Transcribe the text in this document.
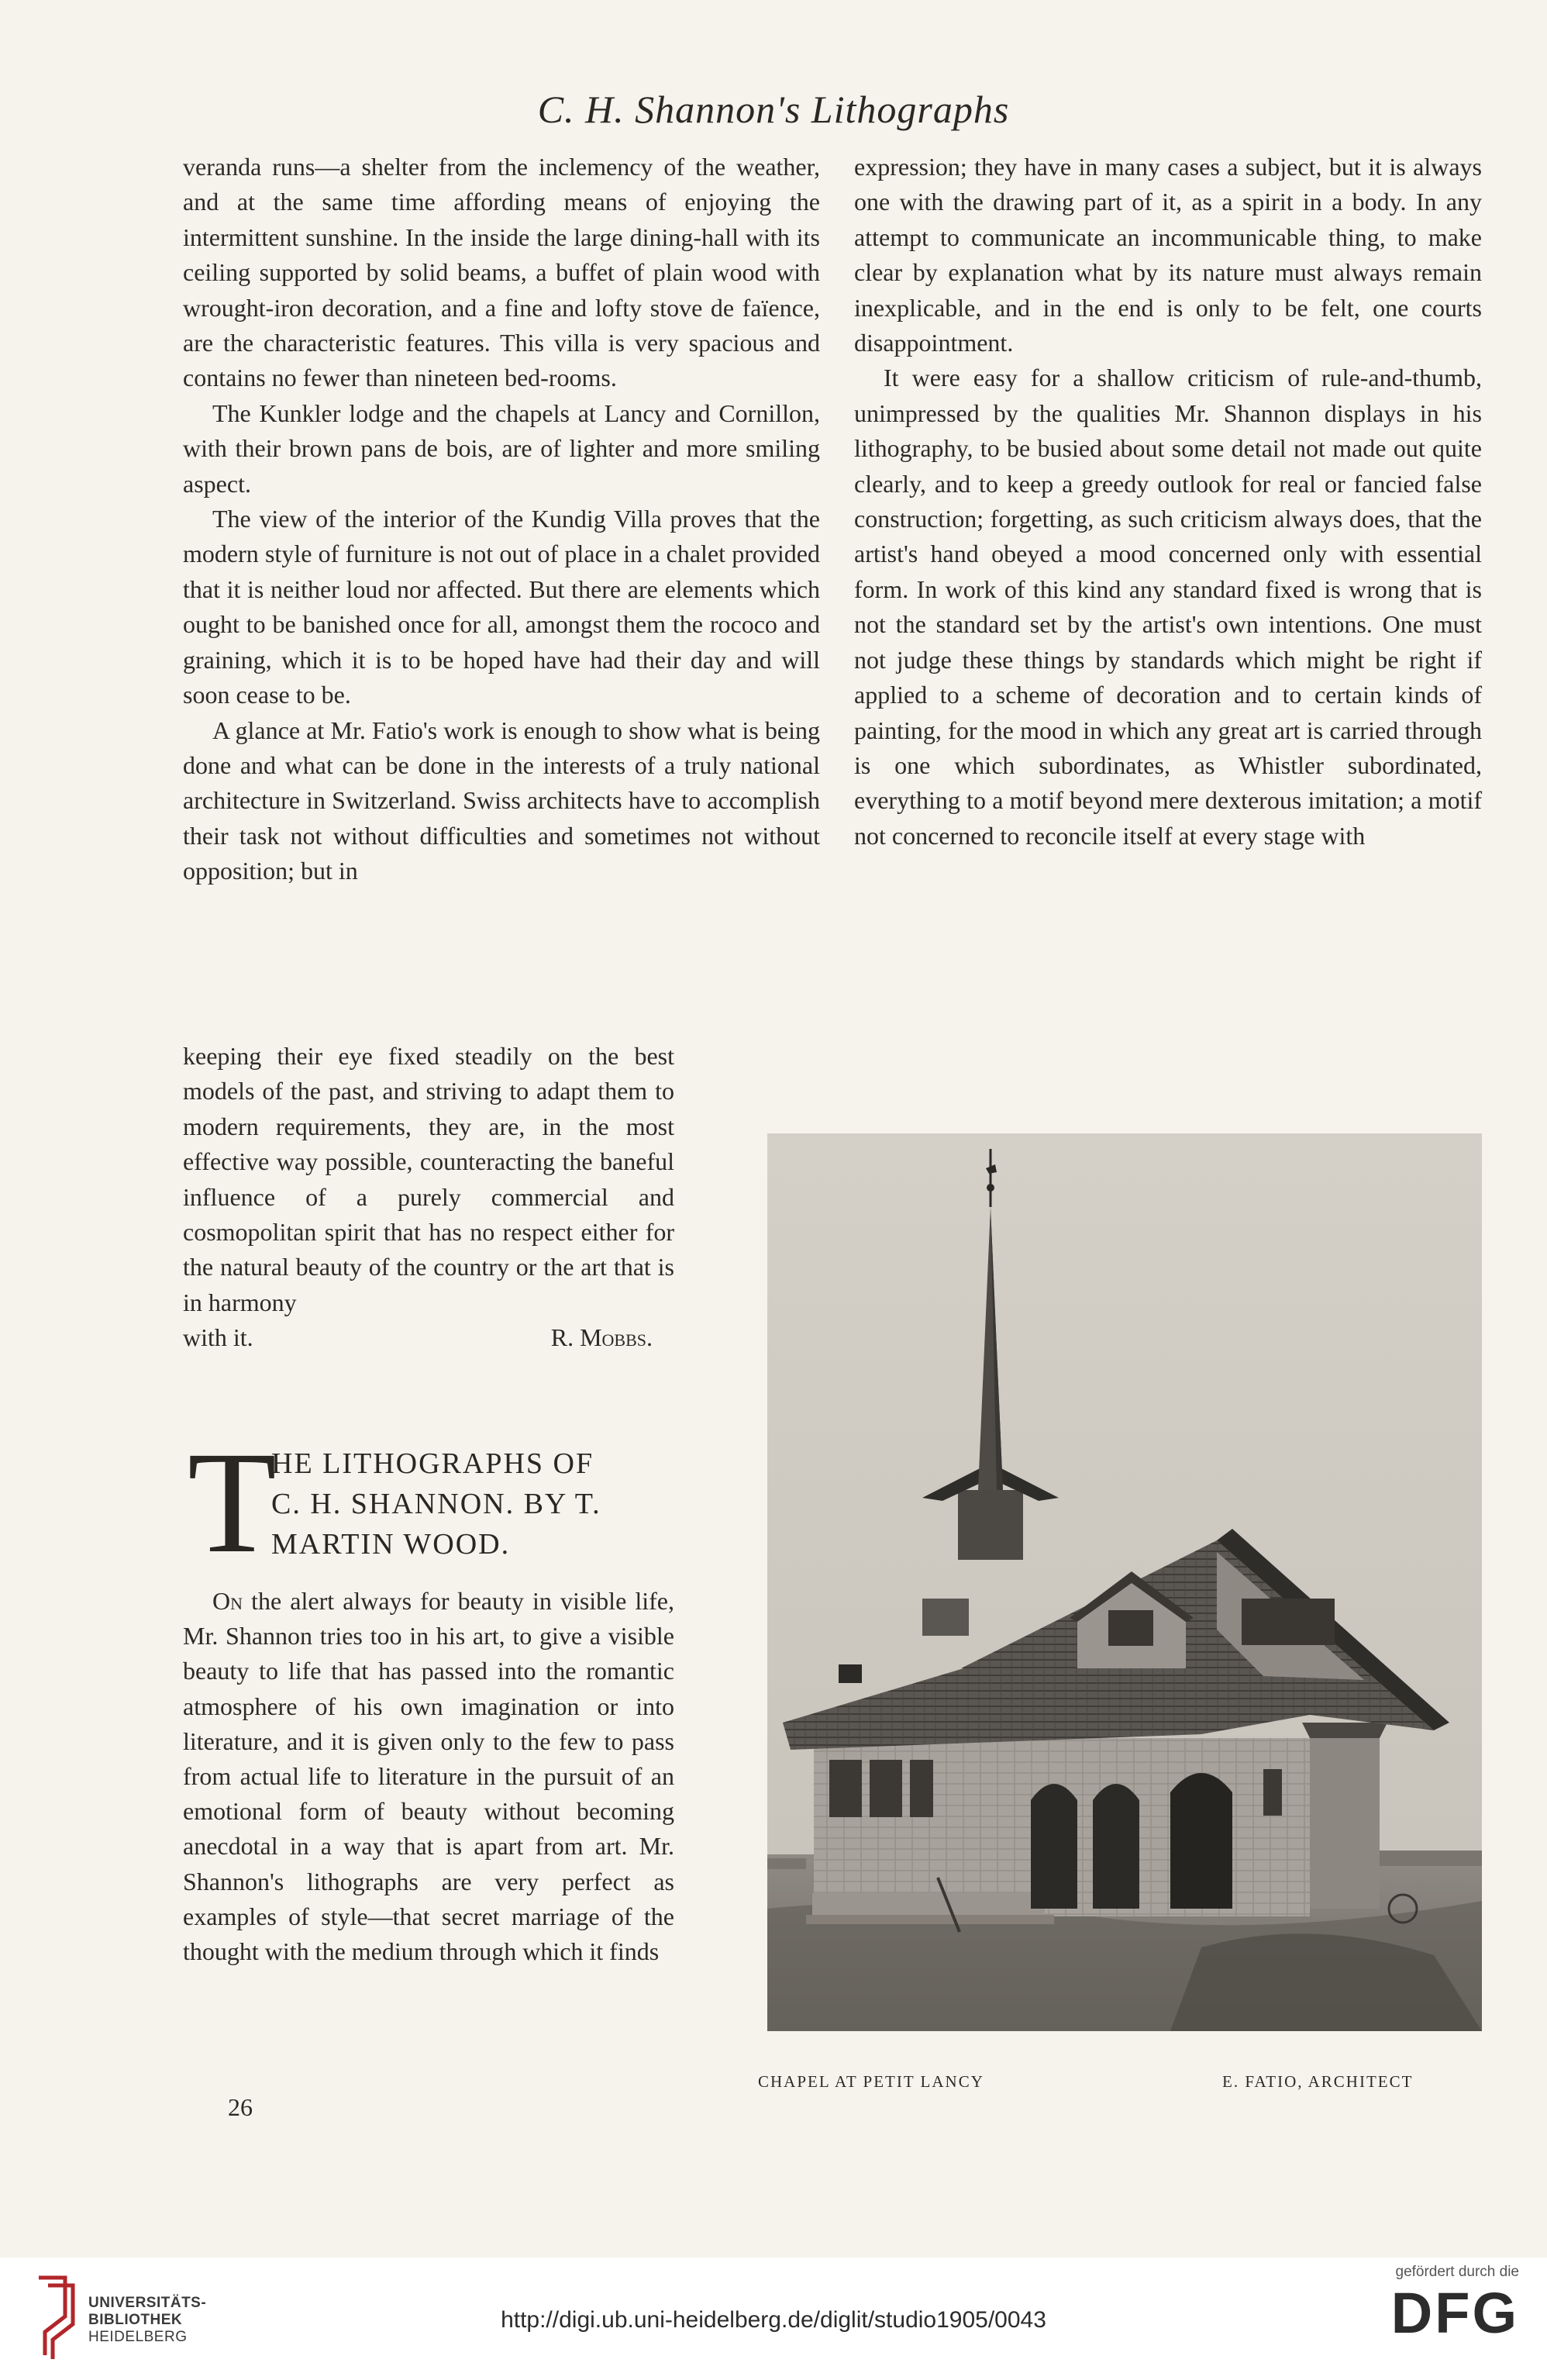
C. H. Shannon's Lithographs

veranda runs—a shelter from the inclemency of the weather, and at the same time affording means of enjoying the intermittent sunshine. In the inside the large dining-hall with its ceiling supported by solid beams, a buffet of plain wood with wrought-iron decoration, and a fine and lofty stove de faïence, are the characteristic features. This villa is very spacious and contains no fewer than nineteen bed-rooms.

The Kunkler lodge and the chapels at Lancy and Cornillon, with their brown pans de bois, are of lighter and more smiling aspect.

The view of the interior of the Kundig Villa proves that the modern style of furniture is not out of place in a chalet provided that it is neither loud nor affected. But there are elements which ought to be banished once for all, amongst them the rococo and graining, which it is to be hoped have had their day and will soon cease to be.

A glance at Mr. Fatio's work is enough to show what is being done and what can be done in the interests of a truly national architecture in Switzerland. Swiss architects have to accomplish their task not without difficulties and sometimes not without opposition; but in

keeping their eye fixed steadily on the best models of the past, and striving to adapt them to modern requirements, they are, in the most effective way possible, counteracting the baneful influence of a purely commercial and cosmopolitan spirit that has no respect either for the natural beauty of the country or the art that is in harmony

with it.	R. Mobbs.

expression; they have in many cases a subject, but it is always one with the drawing part of it, as a spirit in a body. In any attempt to communicate an incommunicable thing, to make clear by explanation what by its nature must always remain inexplicable, and in the end is only to be felt, one courts disappointment.

It were easy for a shallow criticism of rule-and-thumb, unimpressed by the qualities Mr. Shannon displays in his lithography, to be busied about some detail not made out quite clearly, and to keep a greedy outlook for real or fancied false construction; forgetting, as such criticism always does, that the artist's hand obeyed a mood concerned only with essential form. In work of this kind any standard fixed is wrong that is not the standard set by the artist's own intentions. One must not judge these things by standards which might be right if applied to a scheme of decoration and to certain kinds of painting, for the mood in which any great art is carried through is one which subordinates, as Whistler subordinated, everything to a motif beyond mere dexterous imitation; a motif not concerned to reconcile itself at every stage with

T
HE LITHOGRAPHS OF
C. H. SHANNON. BY T.
MARTIN WOOD.

On the alert always for beauty in visible life, Mr. Shannon tries too in his art, to give a visible beauty to life that has passed into the romantic atmosphere of his own imagination or into literature, and it is given only to the few to pass from actual life to literature in the pursuit of an emotional form of beauty without becoming anecdotal in a way that is apart from art. Mr. Shannon's lithographs are very perfect as examples of style—that secret marriage of the thought with the medium through which it finds

26
CHAPEL AT PETIT LANCY	E. FATIO, ARCHITECT
UNIVERSITÄTS-
BIBLIOTHEK
HEIDELBERG
http://digi.ub.uni-heidelberg.de/diglit/studio1905/0043
gefördert durch die
DFG
